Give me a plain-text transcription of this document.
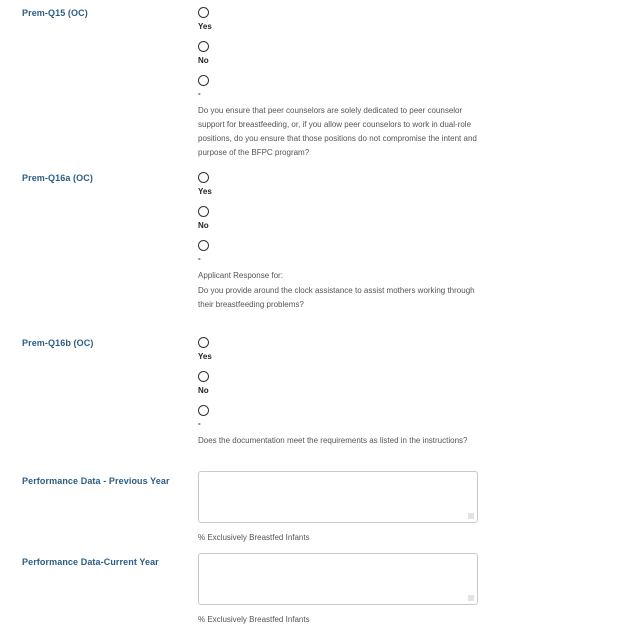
Prem-Q15 (OC)
Yes
No
-
Do you ensure that peer counselors are solely dedicated to peer counselor support for breastfeeding, or, if you allow peer counselors to work in dual-role positions, do you ensure that those positions do not compromise the intent and purpose of the BFPC program?
Prem-Q16a (OC)
Yes
No
-
Applicant Response for:
Do you provide around the clock assistance to assist mothers working through their breastfeeding problems?
Prem-Q16b (OC)
Yes
No
-
Does the documentation meet the requirements as listed in the instructions?
Performance Data - Previous Year
% Exclusively Breastfed Infants
Performance Data-Current Year
% Exclusively Breastfed Infants
